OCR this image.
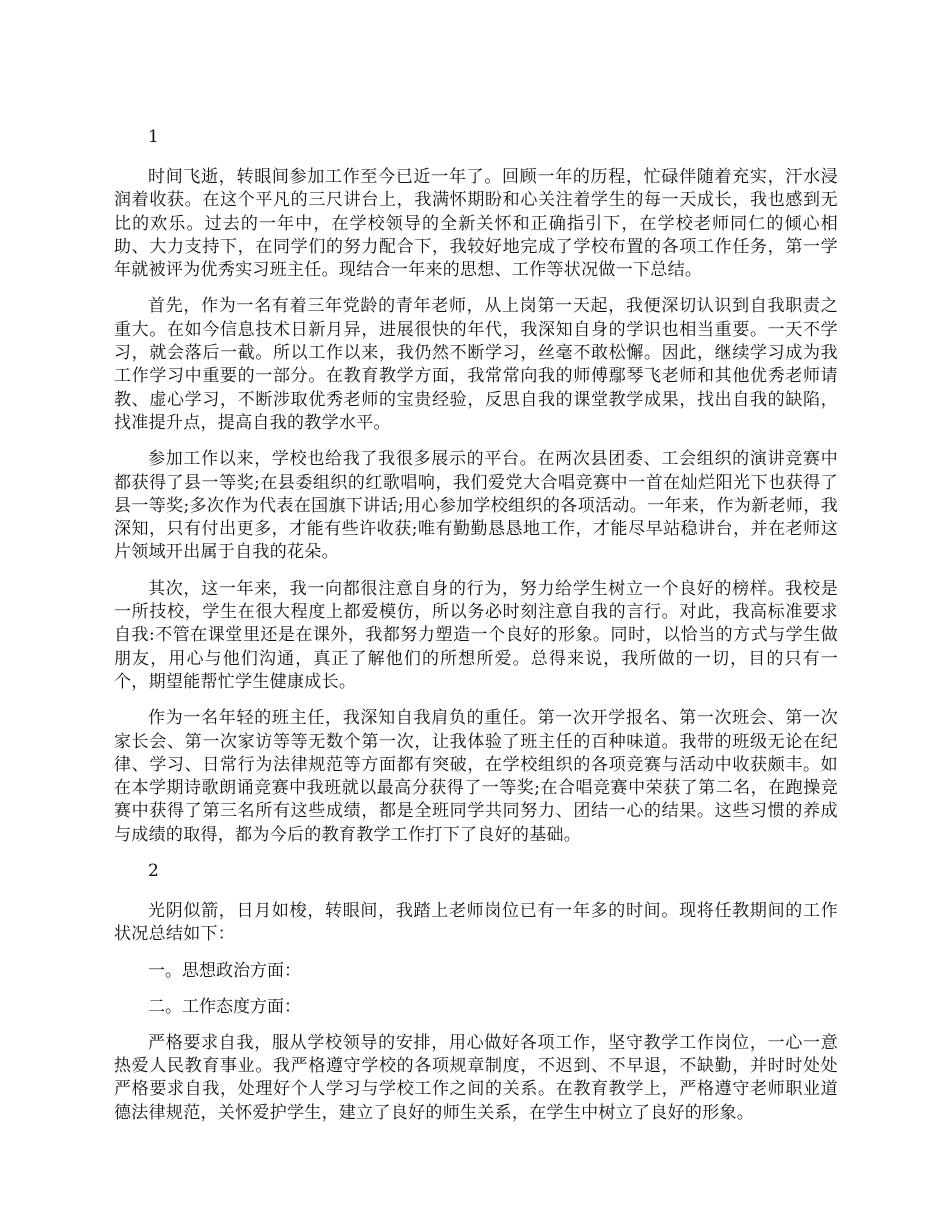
1

时间飞逝，转眼间参加工作至今已近一年了。回顾一年的历程，忙碌伴随着充实，汗水浸润着收获。在这个平凡的三尺讲台上，我满怀期盼和心关注着学生的每一天成长，我也感到无比的欢乐。过去的一年中，在学校领导的全新关怀和正确指引下，在学校老师同仁的倾心相助、大力支持下，在同学们的努力配合下，我较好地完成了学校布置的各项工作任务，第一学年就被评为优秀实习班主任。现结合一年来的思想、工作等状况做一下总结。

首先，作为一名有着三年党龄的青年老师，从上岗第一天起，我便深切认识到自我职责之重大。在如今信息技术日新月异，进展很快的年代，我深知自身的学识也相当重要。一天不学习，就会落后一截。所以工作以来，我仍然不断学习，丝毫不敢松懈。因此，继续学习成为我工作学习中重要的一部分。在教育教学方面，我常常向我的师傅鄢琴飞老师和其他优秀老师请教、虚心学习，不断涉取优秀老师的宝贵经验，反思自我的课堂教学成果，找出自我的缺陷，找准提升点，提高自我的教学水平。

参加工作以来，学校也给我了我很多展示的平台。在两次县团委、工会组织的演讲竞赛中都获得了县一等奖;在县委组织的红歌唱响，我们爱党大合唱竞赛中一首在灿烂阳光下也获得了县一等奖;多次作为代表在国旗下讲话;用心参加学校组织的各项活动。一年来，作为新老师，我深知，只有付出更多，才能有些许收获;唯有勤勤恳恳地工作，才能尽早站稳讲台，并在老师这片领域开出属于自我的花朵。

其次，这一年来，我一向都很注意自身的行为，努力给学生树立一个良好的榜样。我校是一所技校，学生在很大程度上都爱模仿，所以务必时刻注意自我的言行。对此，我高标准要求自我:不管在课堂里还是在课外，我都努力塑造一个良好的形象。同时，以恰当的方式与学生做朋友，用心与他们沟通，真正了解他们的所想所爱。总得来说，我所做的一切，目的只有一个，期望能帮忙学生健康成长。

作为一名年轻的班主任，我深知自我肩负的重任。第一次开学报名、第一次班会、第一次家长会、第一次家访等等无数个第一次，让我体验了班主任的百种味道。我带的班级无论在纪律、学习、日常行为法律规范等方面都有突破，在学校组织的各项竞赛与活动中收获颇丰。如在本学期诗歌朗诵竞赛中我班就以最高分获得了一等奖;在合唱竞赛中荣获了第二名，在跑操竞赛中获得了第三名所有这些成绩，都是全班同学共同努力、团结一心的结果。这些习惯的养成与成绩的取得，都为今后的教育教学工作打下了良好的基础。

2

光阴似箭，日月如梭，转眼间，我踏上老师岗位已有一年多的时间。现将任教期间的工作状况总结如下：

一。思想政治方面：
二。工作态度方面：

严格要求自我，服从学校领导的安排，用心做好各项工作，坚守教学工作岗位，一心一意热爱人民教育事业。我严格遵守学校的各项规章制度，不迟到、不早退，不缺勤，并时时处处严格要求自我，处理好个人学习与学校工作之间的关系。在教育教学上，严格遵守老师职业道德法律规范，关怀爱护学生，建立了良好的师生关系，在学生中树立了良好的形象。
